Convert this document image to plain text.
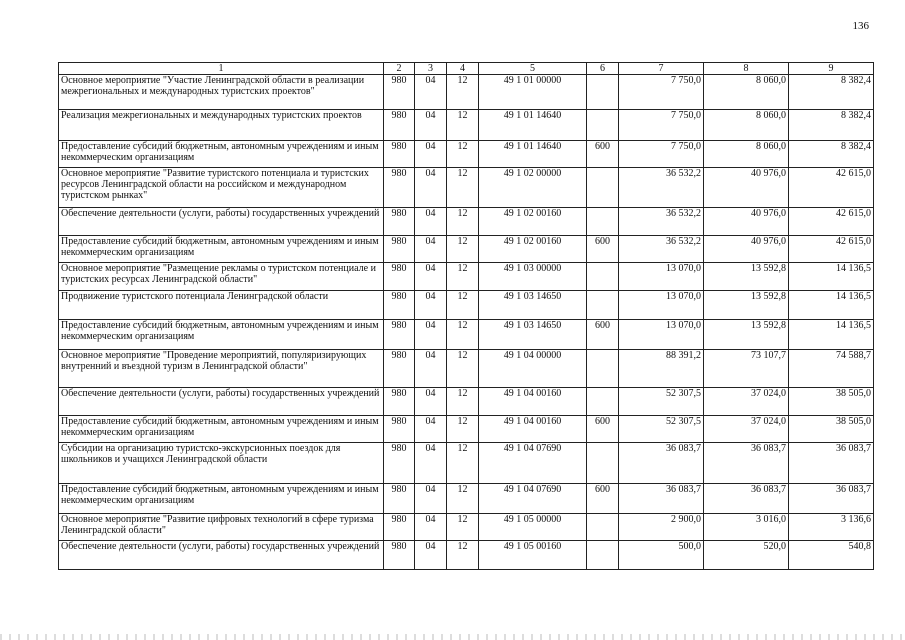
136
1	2	3	4	5	6	7	8	9
Основное мероприятие "Участие Ленинградской области в реализации межрегиональных и международных туристских проектов"	980	04	12	49 1 01 00000		7 750,0	8 060,0	8 382,4
Реализация межрегиональных и международных туристских проектов	980	04	12	49 1 01 14640		7 750,0	8 060,0	8 382,4
Предоставление субсидий бюджетным, автономным учреждениям и иным некоммерческим организациям	980	04	12	49 1 01 14640	600	7 750,0	8 060,0	8 382,4
Основное мероприятие "Развитие туристского потенциала и туристских ресурсов Ленинградской области на российском и международном туристском рынках"	980	04	12	49 1 02 00000		36 532,2	40 976,0	42 615,0
Обеспечение деятельности (услуги, работы) государственных учреждений	980	04	12	49 1 02 00160		36 532,2	40 976,0	42 615,0
Предоставление субсидий бюджетным, автономным учреждениям и иным некоммерческим организациям	980	04	12	49 1 02 00160	600	36 532,2	40 976,0	42 615,0
Основное мероприятие "Размещение рекламы о туристском потенциале и туристских ресурсах Ленинградской области"	980	04	12	49 1 03 00000		13 070,0	13 592,8	14 136,5
Продвижение туристского потенциала Ленинградской области	980	04	12	49 1 03 14650		13 070,0	13 592,8	14 136,5
Предоставление субсидий бюджетным, автономным учреждениям и иным некоммерческим организациям	980	04	12	49 1 03 14650	600	13 070,0	13 592,8	14 136,5
Основное мероприятие "Проведение мероприятий, популяризирующих внутренний и въездной туризм в Ленинградской области"	980	04	12	49 1 04 00000		88 391,2	73 107,7	74 588,7
Обеспечение деятельности (услуги, работы) государственных учреждений	980	04	12	49 1 04 00160		52 307,5	37 024,0	38 505,0
Предоставление субсидий бюджетным, автономным учреждениям и иным некоммерческим организациям	980	04	12	49 1 04 00160	600	52 307,5	37 024,0	38 505,0
Субсидии на организацию туристско-экскурсионных поездок для школьников и учащихся Ленинградской области	980	04	12	49 1 04 07690		36 083,7	36 083,7	36 083,7
Предоставление субсидий бюджетным, автономным учреждениям и иным некоммерческим организациям	980	04	12	49 1 04 07690	600	36 083,7	36 083,7	36 083,7
Основное мероприятие "Развитие цифровых технологий в сфере туризма Ленинградской области"	980	04	12	49 1 05 00000		2 900,0	3 016,0	3 136,6
Обеспечение деятельности (услуги, работы) государственных учреждений	980	04	12	49 1 05 00160		500,0	520,0	540,8
